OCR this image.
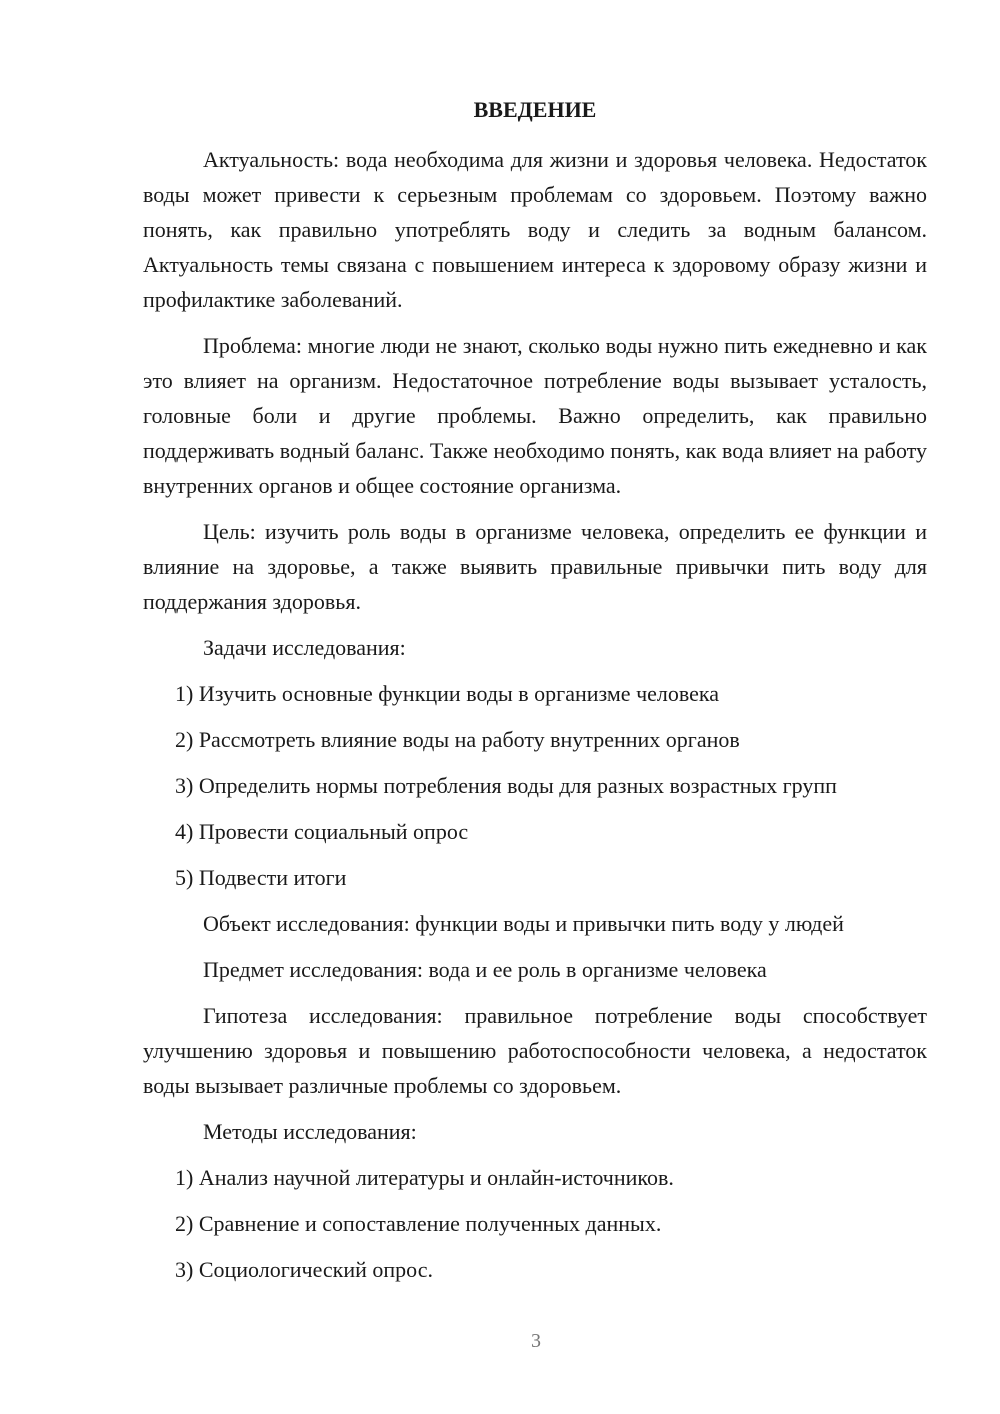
ВВЕДЕНИЕ

Актуальность: вода необходима для жизни и здоровья человека. Недостаток воды может привести к серьезным проблемам со здоровьем. Поэтому важно понять, как правильно употреблять воду и следить за водным балансом. Актуальность темы связана с повышением интереса к здоровому образу жизни и профилактике заболеваний.

Проблема: многие люди не знают, сколько воды нужно пить ежедневно и как это влияет на организм. Недостаточное потребление воды вызывает усталость, головные боли и другие проблемы. Важно определить, как правильно поддерживать водный баланс. Также необходимо понять, как вода влияет на работу внутренних органов и общее состояние организма.

Цель: изучить роль воды в организме человека, определить ее функции и влияние на здоровье, а также выявить правильные привычки пить воду для поддержания здоровья.

Задачи исследования:

1) Изучить основные функции воды в организме человека

2) Рассмотреть влияние воды на работу внутренних органов

3) Определить нормы потребления воды для разных возрастных групп

4) Провести социальный опрос

5) Подвести итоги

Объект исследования: функции воды и привычки пить воду у людей

Предмет исследования: вода и ее роль в организме человека

Гипотеза исследования: правильное потребление воды способствует улучшению здоровья и повышению работоспособности человека, а недостаток воды вызывает различные проблемы со здоровьем.

Методы исследования:

1) Анализ научной литературы и онлайн-источников.

2) Сравнение и сопоставление полученных данных.

3) Социологический опрос.

3
